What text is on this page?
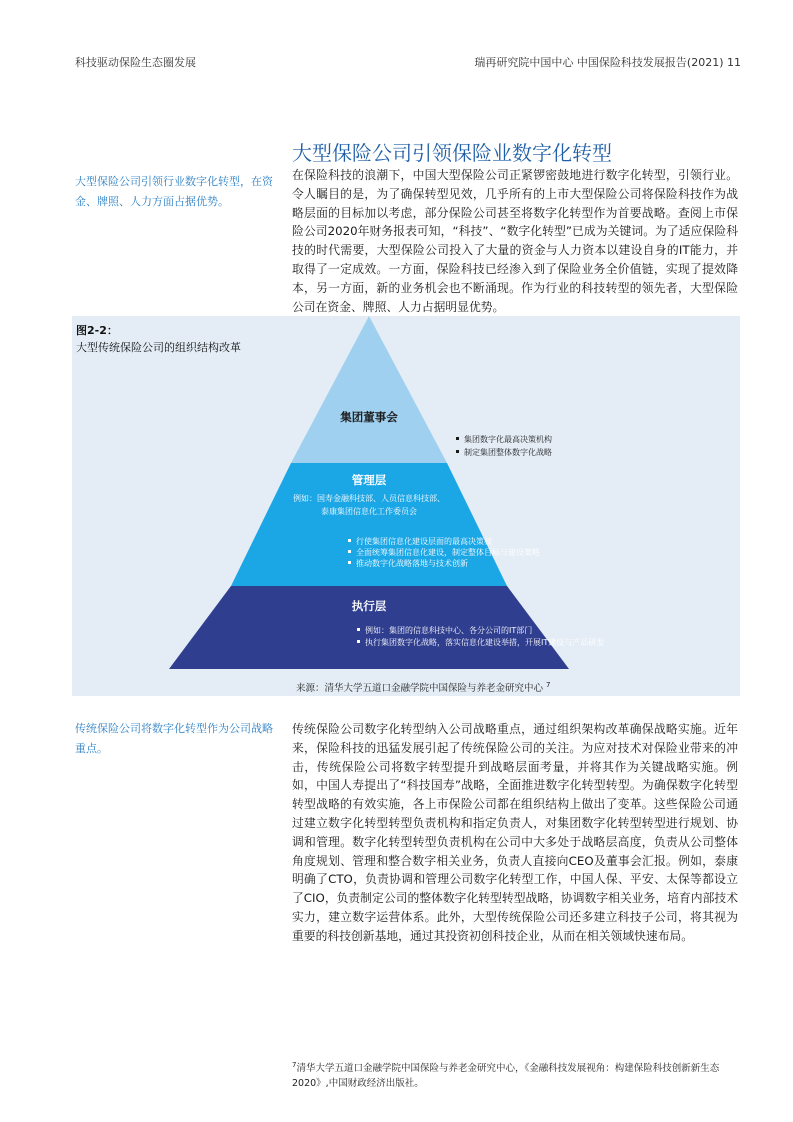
科技驱动保险生态圈发展	瑞再研究院中国中心 中国保险科技发展报告(2021) 11
大型保险公司引领保险业数字化转型
大型保险公司引领行业数字化转型，在资金、牌照、人力方面占据优势。
在保险科技的浪潮下，中国大型保险公司正紧锣密鼓地进行数字化转型，引领行业。令人瞩目的是，为了确保转型见效，几乎所有的上市大型保险公司将保险科技作为战略层面的目标加以考虑，部分保险公司甚至将数字化转型作为首要战略。查阅上市保险公司2020年财务报表可知，“科技”、“数字化转型”已成为关键词。为了适应保险科技的时代需要，大型保险公司投入了大量的资金与人力资本以建设自身的IT能力，并取得了一定成效。一方面，保险科技已经渗入到了保险业务全价值链，实现了提效降本，另一方面，新的业务机会也不断涌现。作为行业的科技转型的领先者，大型保险公司在资金、牌照、人力占据明显优势。
图2-2：
大型传统保险公司的组织结构改革
集团董事会
集团数字化最高决策机构
制定集团整体数字化战略
管理层
例如：国寿金融科技部、人员信息科技部、
泰康集团信息化工作委员会
行使集团信息化建设层面的最高决策权
全面统筹集团信息化建设，制定整体目标与建设策略
推动数字化战略落地与技术创新
执行层
例如：集团的信息科技中心、各分公司的IT部门
执行集团数字化战略，落实信息化建设举措，开展IT建设与产品研发
来源：清华大学五道口金融学院中国保险与养老金研究中心 $^7$
传统保险公司将数字化转型作为公司战略重点。
传统保险公司数字化转型纳入公司战略重点，通过组织架构改革确保战略实施。近年来，保险科技的迅猛发展引起了传统保险公司的关注。为应对技术对保险业带来的冲击，传统保险公司将数字转型提升到战略层面考量，并将其作为关键战略实施。例如，中国人寿提出了“科技国寿”战略，全面推进数字化转型转型。为确保数字化转型转型战略的有效实施，各上市保险公司都在组织结构上做出了变革。这些保险公司通过建立数字化转型转型负责机构和指定负责人，对集团数字化转型转型进行规划、协调和管理。数字化转型转型负责机构在公司中大多处于战略层高度，负责从公司整体角度规划、管理和整合数字相关业务，负责人直接向CEO及董事会汇报。例如，泰康明确了CTO，负责协调和管理公司数字化转型工作，中国人保、平安、太保等都设立了CIO，负责制定公司的整体数字化转型转型战略，协调数字相关业务，培育内部技术实力，建立数字运营体系。此外，大型传统保险公司还多建立科技子公司，将其视为重要的科技创新基地，通过其投资初创科技企业，从而在相关领域快速布局。
$^7$清华大学五道口金融学院中国保险与养老金研究中心，《金融科技发展视角：构建保险科技创新新生态2020》,中国财政经济出版社。
